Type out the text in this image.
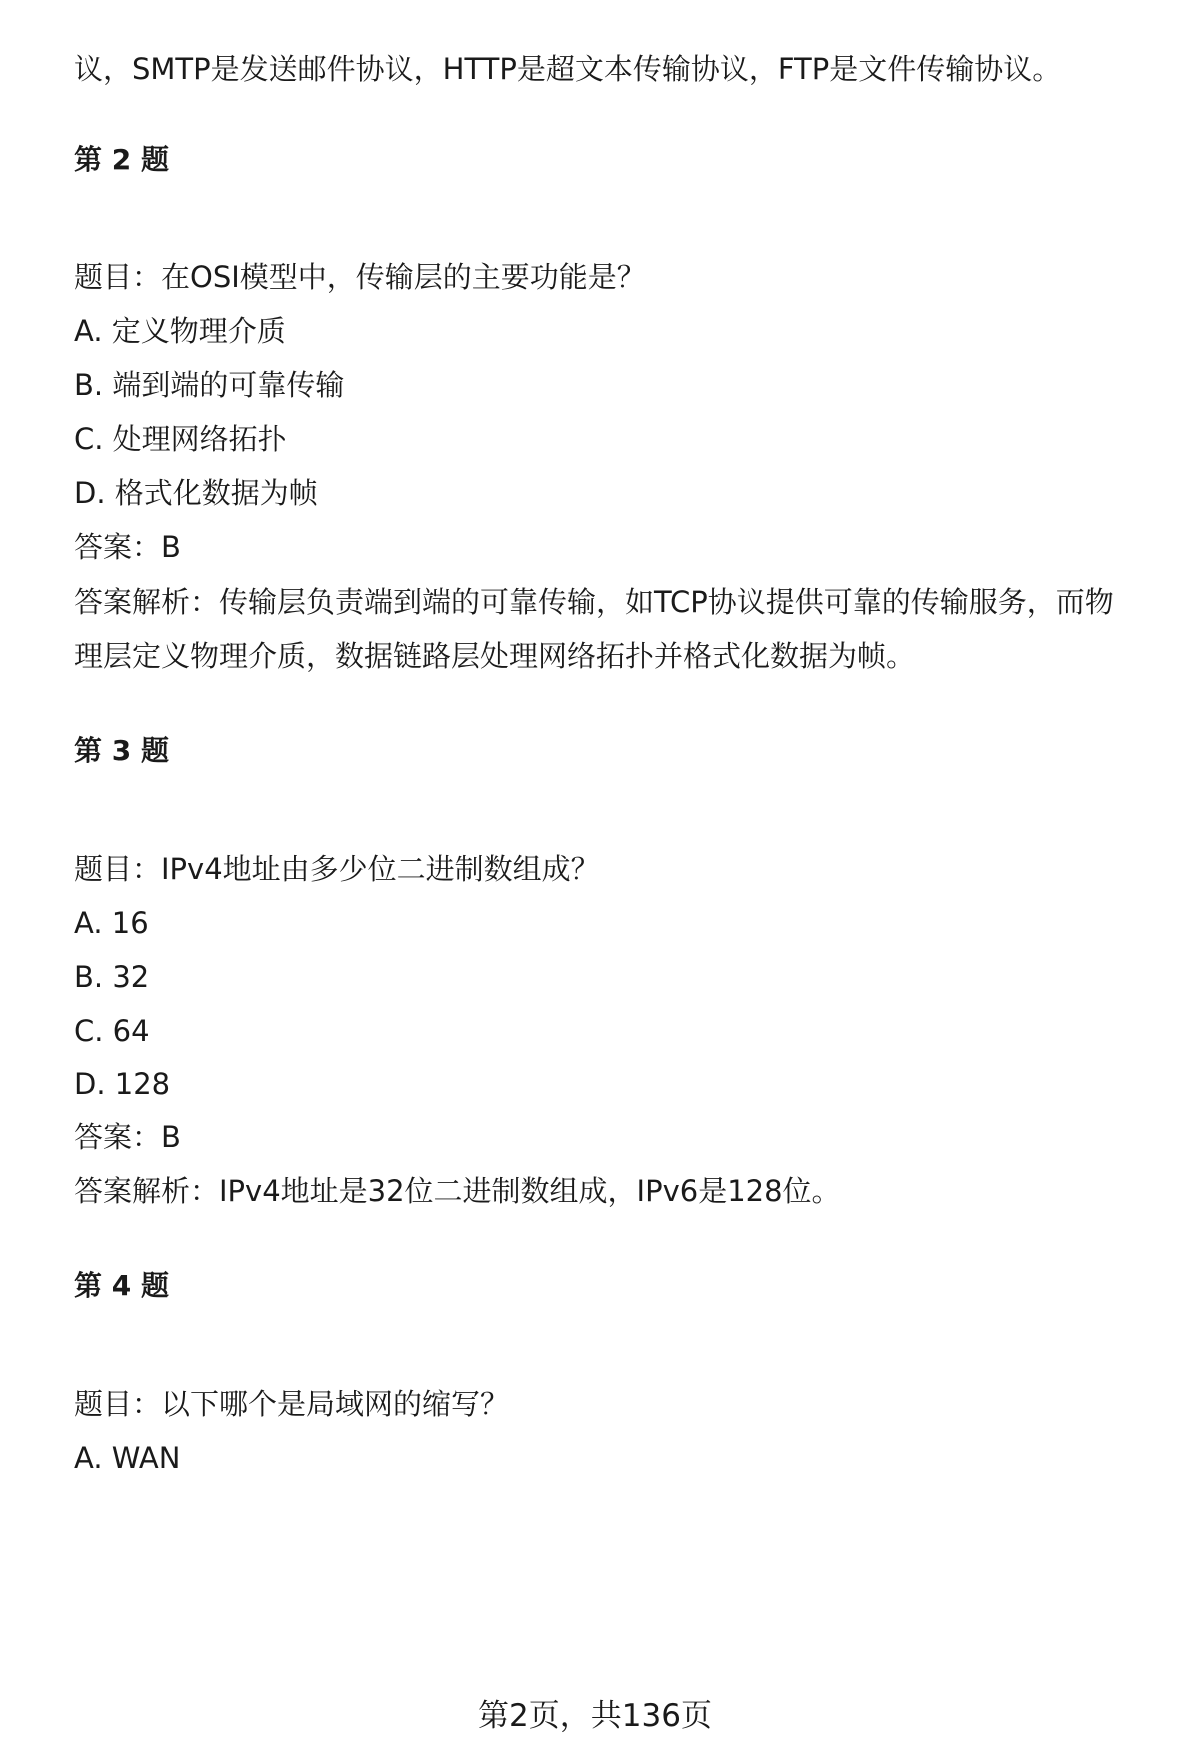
议，SMTP是发送邮件协议，HTTP是超文本传输协议，FTP是文件传输协议。
第 2 题
题目：在OSI模型中，传输层的主要功能是？
A. 定义物理介质
B. 端到端的可靠传输
C. 处理网络拓扑
D. 格式化数据为帧
答案：B
答案解析：传输层负责端到端的可靠传输，如TCP协议提供可靠的传输服务，而物
理层定义物理介质，数据链路层处理网络拓扑并格式化数据为帧。
第 3 题
题目：IPv4地址由多少位二进制数组成？
A. 16
B. 32
C. 64
D. 128
答案：B
答案解析：IPv4地址是32位二进制数组成，IPv6是128位。
第 4 题
题目：以下哪个是局域网的缩写？
A. WAN
第2页，共136页
